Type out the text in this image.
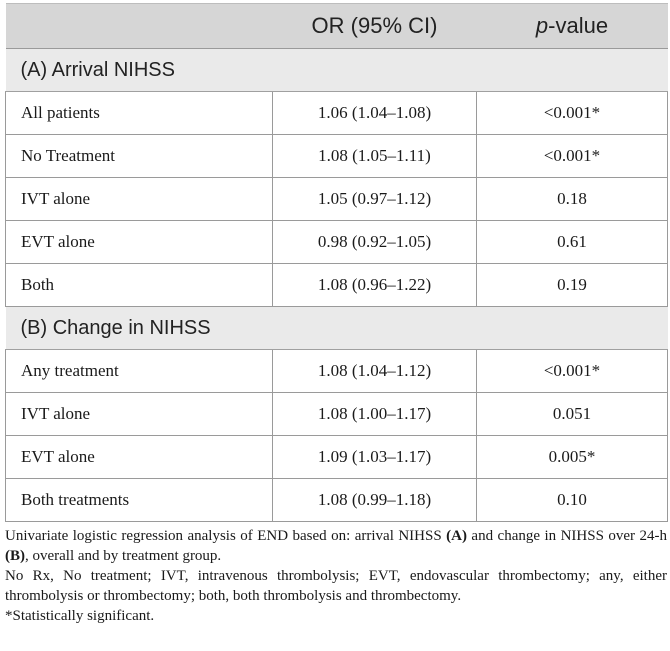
	OR (95% CI)	p-value
(A) Arrival NIHSS		
All patients	1.06 (1.04–1.08)	<0.001*
No Treatment	1.08 (1.05–1.11)	<0.001*
IVT alone	1.05 (0.97–1.12)	0.18
EVT alone	0.98 (0.92–1.05)	0.61
Both	1.08 (0.96–1.22)	0.19
(B) Change in NIHSS		
Any treatment	1.08 (1.04–1.12)	<0.001*
IVT alone	1.08 (1.00–1.17)	0.051
EVT alone	1.09 (1.03–1.17)	0.005*
Both treatments	1.08 (0.99–1.18)	0.10

Univariate logistic regression analysis of END based on: arrival NIHSS (A) and change in NIHSS over 24-h (B), overall and by treatment group.

No Rx, No treatment; IVT, intravenous thrombolysis; EVT, endovascular thrombectomy; any, either thrombolysis or thrombectomy; both, both thrombolysis and thrombectomy.

*Statistically significant.
